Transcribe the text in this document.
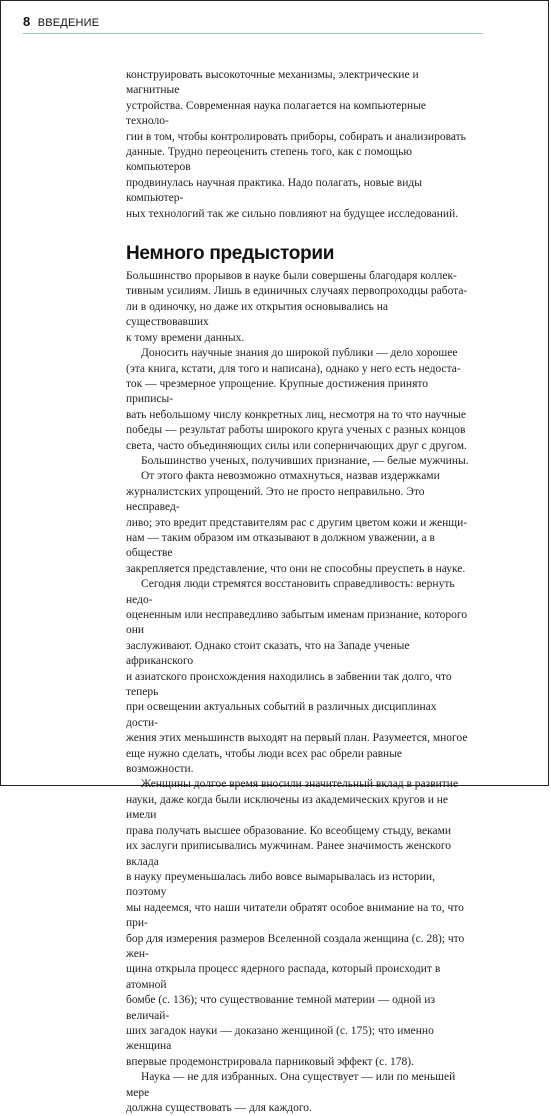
8 ВВЕДЕНИЕ

конструировать высокоточные механизмы, электрические и магнитные
устройства. Современная наука полагается на компьютерные техноло-
гии в том, чтобы контролировать приборы, собирать и анализировать
данные. Трудно переоценить степень того, как с помощью компьютеров
продвинулась научная практика. Надо полагать, новые виды компьютер-
ных технологий так же сильно повлияют на будущее исследований.

Немного предыстории

Большинство прорывов в науке были совершены благодаря коллек-
тивным усилиям. Лишь в единичных случаях первопроходцы работа-
ли в одиночку, но даже их открытия основывались на существовавших
к тому времени данных.

Доносить научные знания до широкой публики — дело хорошее
(эта книга, кстати, для того и написана), однако у него есть недоста-
ток — чрезмерное упрощение. Крупные достижения принято приписы-
вать небольшому числу конкретных лиц, несмотря на то что научные
победы — результат работы широкого круга ученых с разных концов
света, часто объединяющих силы или соперничающих друг с другом.

Большинство ученых, получивших признание, — белые мужчины.

От этого факта невозможно отмахнуться, назвав издержками
журналистских упрощений. Это не просто неправильно. Это несправед-
ливо; это вредит представителям рас с другим цветом кожи и женщи-
нам — таким образом им отказывают в должном уважении, а в обществе
закрепляется представление, что они не способны преуспеть в науке.

Сегодня люди стремятся восстановить справедливость: вернуть недо-
оцененным или несправедливо забытым именам признание, которого они
заслуживают. Однако стоит сказать, что на Западе ученые африканского
и азиатского происхождения находились в забвении так долго, что теперь
при освещении актуальных событий в различных дисциплинах дости-
жения этих меньшинств выходят на первый план. Разумеется, многое
еще нужно сделать, чтобы люди всех рас обрели равные возможности.

Женщины долгое время вносили значительный вклад в развитие
науки, даже когда были исключены из академических кругов и не имели
права получать высшее образование. Ко всеобщему стыду, веками
их заслуги приписывались мужчинам. Ранее значимость женского вклада
в науку преуменьшалась либо вовсе вымарывалась из истории, поэтому
мы надеемся, что наши читатели обратят особое внимание на то, что при-
бор для измерения размеров Вселенной создала женщина (с. 28); что жен-
щина открыла процесс ядерного распада, который происходит в атомной
бомбе (с. 136); что существование темной материи — одной из величай-
ших загадок науки — доказано женщиной (с. 175); что именно женщина
впервые продемонстрировала парниковый эффект (с. 178).

Наука — не для избранных. Она существует — или по меньшей мере
должна существовать — для каждого.
